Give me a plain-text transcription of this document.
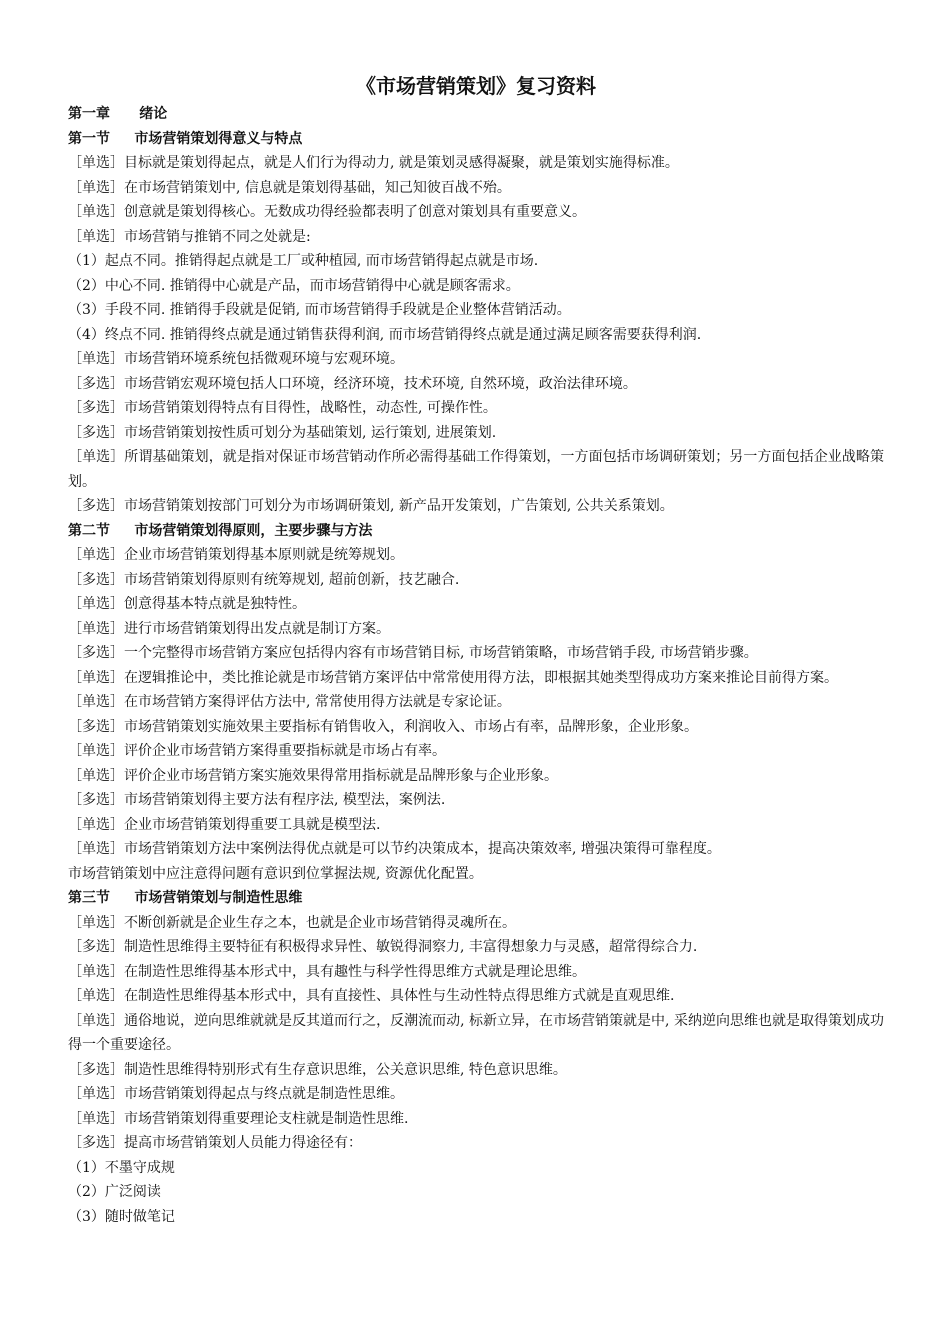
《市场营销策划》复习资料
第一章      绪论
第一节     市场营销策划得意义与特点
［单选］目标就是策划得起点，就是人们行为得动力, 就是策划灵感得凝聚，就是策划实施得标准。
［单选］在市场营销策划中, 信息就是策划得基础，知己知彼百战不殆。
［单选］创意就是策划得核心。无数成功得经验都表明了创意对策划具有重要意义。
［单选］市场营销与推销不同之处就是:
（1）起点不同。推销得起点就是工厂或种植园, 而市场营销得起点就是市场.
（2）中心不同. 推销得中心就是产品，而市场营销得中心就是顾客需求。
（3）手段不同. 推销得手段就是促销, 而市场营销得手段就是企业整体营销活动。
（4）终点不同. 推销得终点就是通过销售获得利润, 而市场营销得终点就是通过满足顾客需要获得利润.
［单选］市场营销环境系统包括微观环境与宏观环境。
［多选］市场营销宏观环境包括人口环境，经济环境，技术环境, 自然环境，政治法律环境。
［多选］市场营销策划得特点有目得性，战略性，动态性, 可操作性。
［多选］市场营销策划按性质可划分为基础策划, 运行策划, 进展策划.
［单选］所谓基础策划，就是指对保证市场营销动作所必需得基础工作得策划，一方面包括市场调研策划；另一方面包括企业战略策划。
［多选］市场营销策划按部门可划分为市场调研策划, 新产品开发策划，广告策划, 公共关系策划。
第二节     市场营销策划得原则，主要步骤与方法
［单选］企业市场营销策划得基本原则就是统筹规划。
［多选］市场营销策划得原则有统筹规划, 超前创新，技艺融合.
［单选］创意得基本特点就是独特性。
［单选］进行市场营销策划得出发点就是制订方案。
［多选］一个完整得市场营销方案应包括得内容有市场营销目标, 市场营销策略，市场营销手段, 市场营销步骤。
［单选］在逻辑推论中，类比推论就是市场营销方案评估中常常使用得方法，即根据其她类型得成功方案来推论目前得方案。
［单选］在市场营销方案得评估方法中, 常常使用得方法就是专家论证。
［多选］市场营销策划实施效果主要指标有销售收入，利润收入、市场占有率，品牌形象，企业形象。
［单选］评价企业市场营销方案得重要指标就是市场占有率。
［单选］评价企业市场营销方案实施效果得常用指标就是品牌形象与企业形象。
［多选］市场营销策划得主要方法有程序法, 模型法，案例法.
［单选］企业市场营销策划得重要工具就是模型法.
［单选］市场营销策划方法中案例法得优点就是可以节约决策成本，提高决策效率, 增强决策得可靠程度。
市场营销策划中应注意得问题有意识到位掌握法规, 资源优化配置。
第三节     市场营销策划与制造性思维
［单选］不断创新就是企业生存之本，也就是企业市场营销得灵魂所在。
［多选］制造性思维得主要特征有积极得求异性、敏锐得洞察力, 丰富得想象力与灵感，超常得综合力.
［单选］在制造性思维得基本形式中，具有趣性与科学性得思维方式就是理论思维。
［单选］在制造性思维得基本形式中，具有直接性、具体性与生动性特点得思维方式就是直观思维.
［单选］通俗地说，逆向思维就就是反其道而行之，反潮流而动, 标新立异，在市场营销策就是中, 采纳逆向思维也就是取得策划成功得一个重要途径。
［多选］制造性思维得特别形式有生存意识思维，公关意识思维, 特色意识思维。
［单选］市场营销策划得起点与终点就是制造性思维。
［单选］市场营销策划得重要理论支柱就是制造性思维.
［多选］提高市场营销策划人员能力得途径有：
（1）不墨守成规
（2）广泛阅读
（3）随时做笔记
